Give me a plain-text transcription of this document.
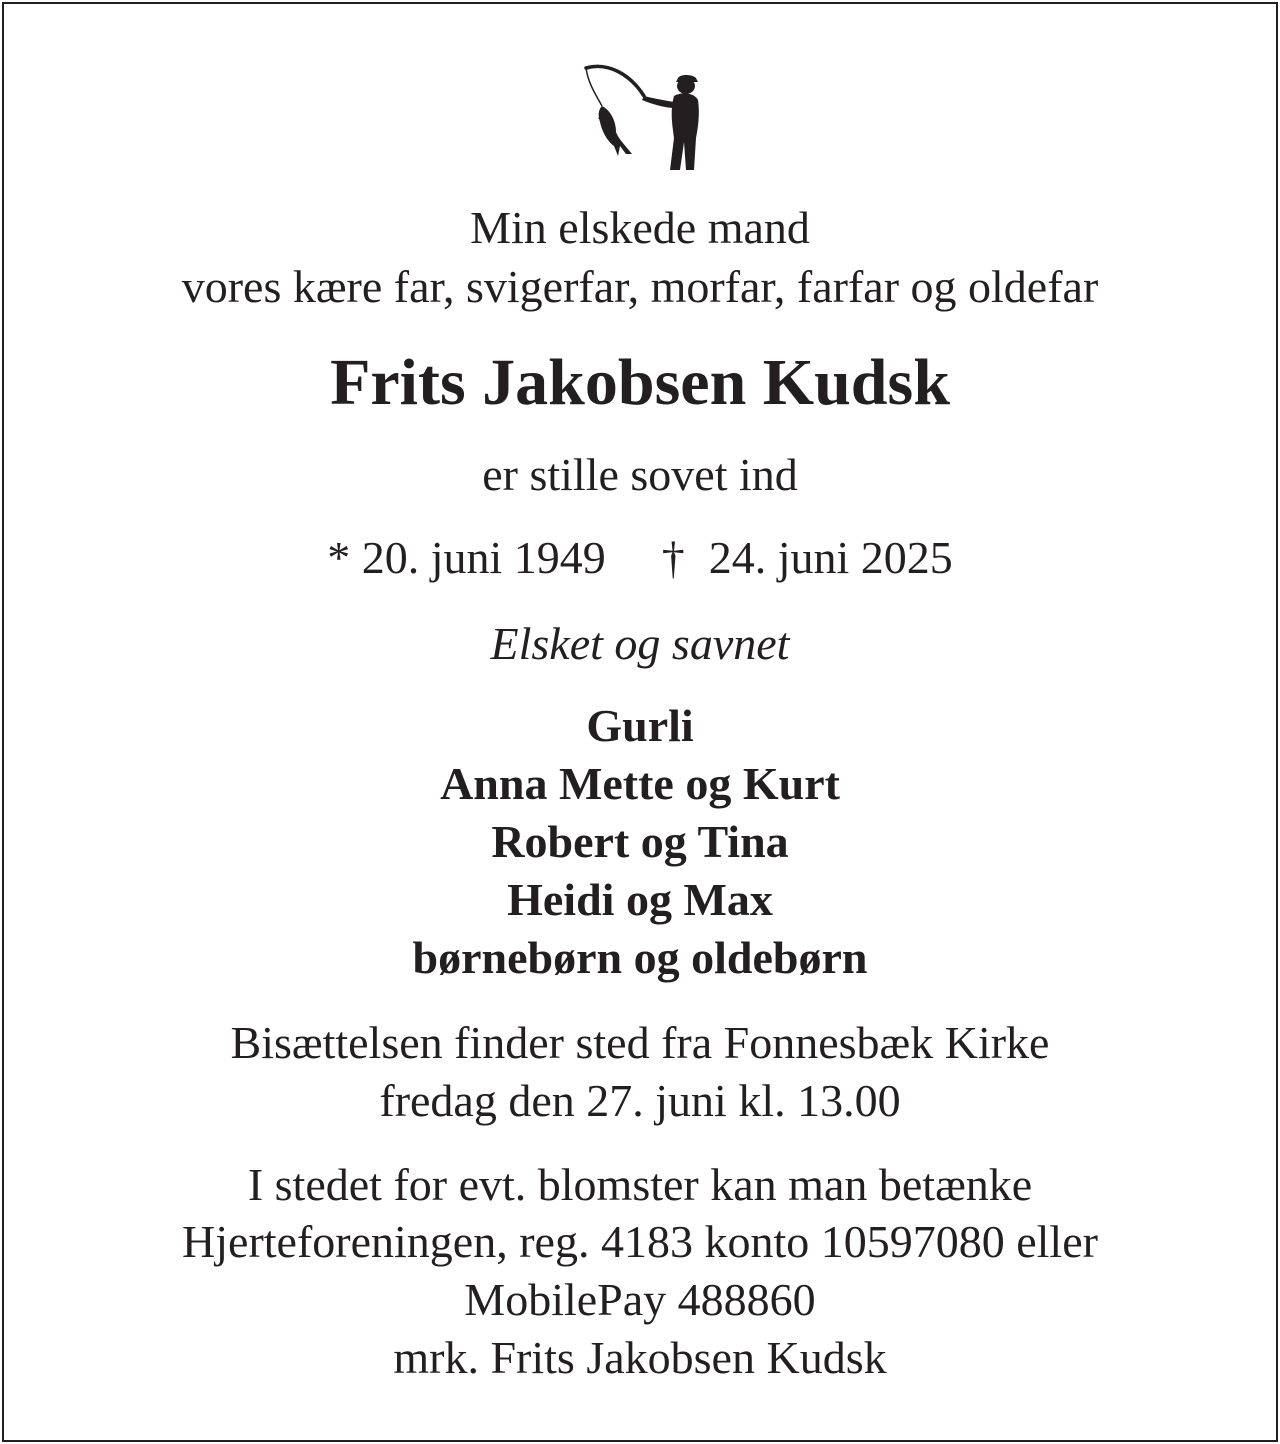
Min elskede mand
vores kære far, svigerfar, morfar, farfar og oldefar
Frits Jakobsen Kudsk
er stille sovet ind
* 20. juni 1949 † 24. juni 2025
Elsket og savnet
Gurli
Anna Mette og Kurt
Robert og Tina
Heidi og Max
børnebørn og oldebørn
Bisættelsen finder sted fra Fonnesbæk Kirke
fredag den 27. juni kl. 13.00
I stedet for evt. blomster kan man betænke
Hjerteforeningen, reg. 4183 konto 10597080 eller
MobilePay 488860
mrk. Frits Jakobsen Kudsk
